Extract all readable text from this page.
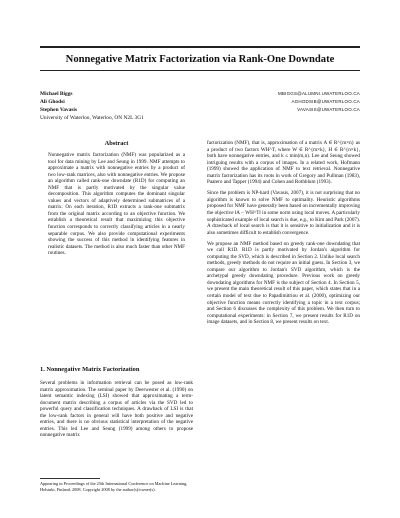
Nonnegative Matrix Factorization via Rank-One Downdate
Michael Biggs	MBIGGS@ALUMNI.UWATERLOO.CA
Ali Ghodsi	AGHODSIB@UWATERLOO.CA
Stephen Vavasis	VAVASIS@UWATERLOO.CA
University of Waterloo, Waterloo, ON N2L 3G1
Abstract
Nonnegative matrix factorization (NMF) was popularized as a tool for data mining by Lee and Seung in 1999. NMF attempts to approximate a matrix with nonnegative entries by a product of two low-rank matrices, also with nonnegative entries. We propose an algorithm called rank-one downdate (R1D) for computing an NMF that is partly motivated by the singular value decomposition. This algorithm computes the dominant singular values and vectors of adaptively determined submatrices of a matrix. On each iteration, R1D extracts a rank-one submatrix from the original matrix according to an objective function. We establish a theoretical result that maximizing this objective function corresponds to correctly classifying articles in a nearly separable corpus. We also provide computational experiments showing the success of this method in identifying features in realistic datasets. The method is also much faster than other NMF routines.
1. Nonnegative Matrix Factorization
Several problems in information retrieval can be posed as low-rank matrix approximation. The seminal paper by Deerwester et al. (1990) on latent semantic indexing (LSI) showed that approximating a term-document matrix describing a corpus of articles via the SVD led to powerful query and classification techniques. A drawback of LSI is that the low-rank factors in general will have both positive and negative entries, and there is no obvious statistical interpretation of the negative entries. This led Lee and Seung (1999) among others to propose nonnegative matrix
Appearing in Proceedings of the 25th International Conference on Machine Learning, Helsinki, Finland, 2008. Copyright 2008 by the author(s)/owner(s).

factorization (NMF), that is, approximation of a matrix A ∈ R^{m×n} as a product of two factors WH^T, where W ∈ R^{m×k}, H ∈ R^{n×k}, both have nonnegative entries, and k ≤ min(m,n). Lee and Seung showed intriguing results with a corpus of images. In a related work, Hofmann (1999) showed the application of NMF to text retrieval. Nonnegative matrix factorization has its roots in work of Gregory and Pullman (1983), Paatero and Tapper (1994) and Cohen and Rothblum (1993).

Since the problem is NP-hard (Vavasis, 2007), it is not surprising that no algorithm is known to solve NMF to optimality. Heuristic algorithms proposed for NMF have generally been based on incrementally improving the objective ‖A − WH^T‖ in some norm using local moves. A particularly sophisticated example of local search is due, e.g., to Kim and Park (2007). A drawback of local search is that it is sensitive to initialization and it is also sometimes difficult to establish convergence.

We propose an NMF method based on greedy rank-one downdating that we call R1D. R1D is partly motivated by Jordan's algorithm for computing the SVD, which is described in Section 2. Unlike local search methods, greedy methods do not require an initial guess. In Section 3, we compare our algorithm to Jordan's SVD algorithm, which is the archetypal greedy downdating procedure. Previous work on greedy downdating algorithms for NMF is the subject of Section 4. In Section 5, we present the main theoretical result of this paper, which states that in a certain model of text due to Papadimitriou et al. (2000), optimizing our objective function means correctly identifying a topic in a text corpus; and Section 6 discusses the complexity of this problem. We then turn to computational experiments: in Section 7, we present results for R1D on image datasets, and in Section 8, we present results on text.
